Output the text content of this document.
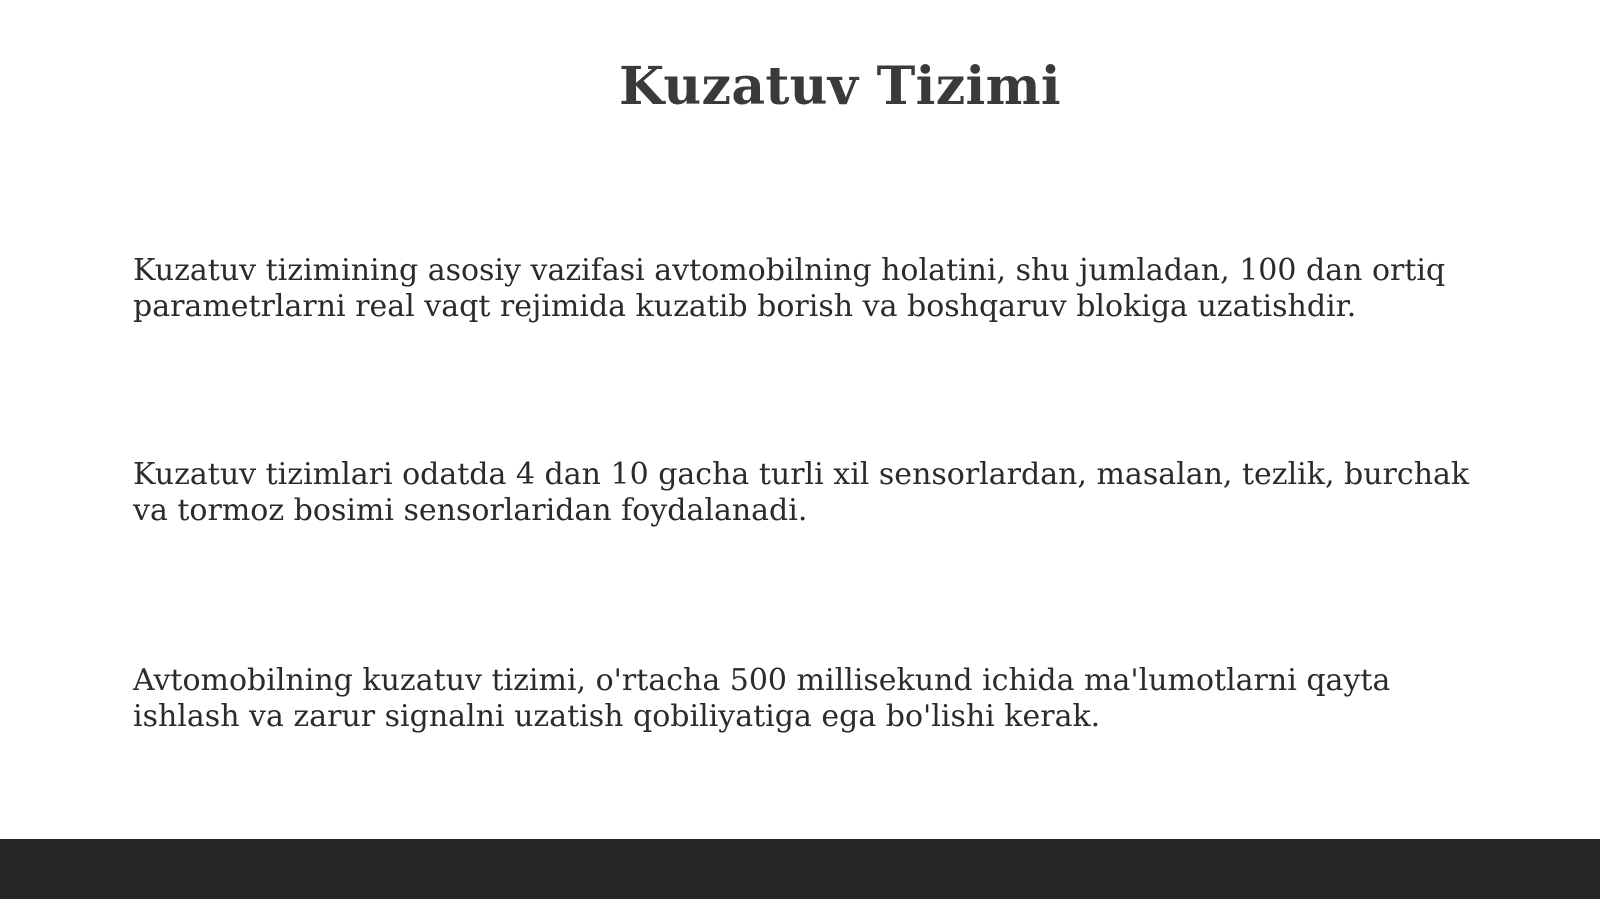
Kuzatuv Tizimi

Kuzatuv tizimining asosiy vazifasi avtomobilning holatini, shu jumladan, 100 dan ortiq parametrlarni real vaqt rejimida kuzatib borish va boshqaruv blokiga uzatishdir.

Kuzatuv tizimlari odatda 4 dan 10 gacha turli xil sensorlardan, masalan, tezlik, burchak va tormoz bosimi sensorlaridan foydalanadi.

Avtomobilning kuzatuv tizimi, o'rtacha 500 millisekund ichida ma'lumotlarni qayta ishlash va zarur signalni uzatish qobiliyatiga ega bo'lishi kerak.
